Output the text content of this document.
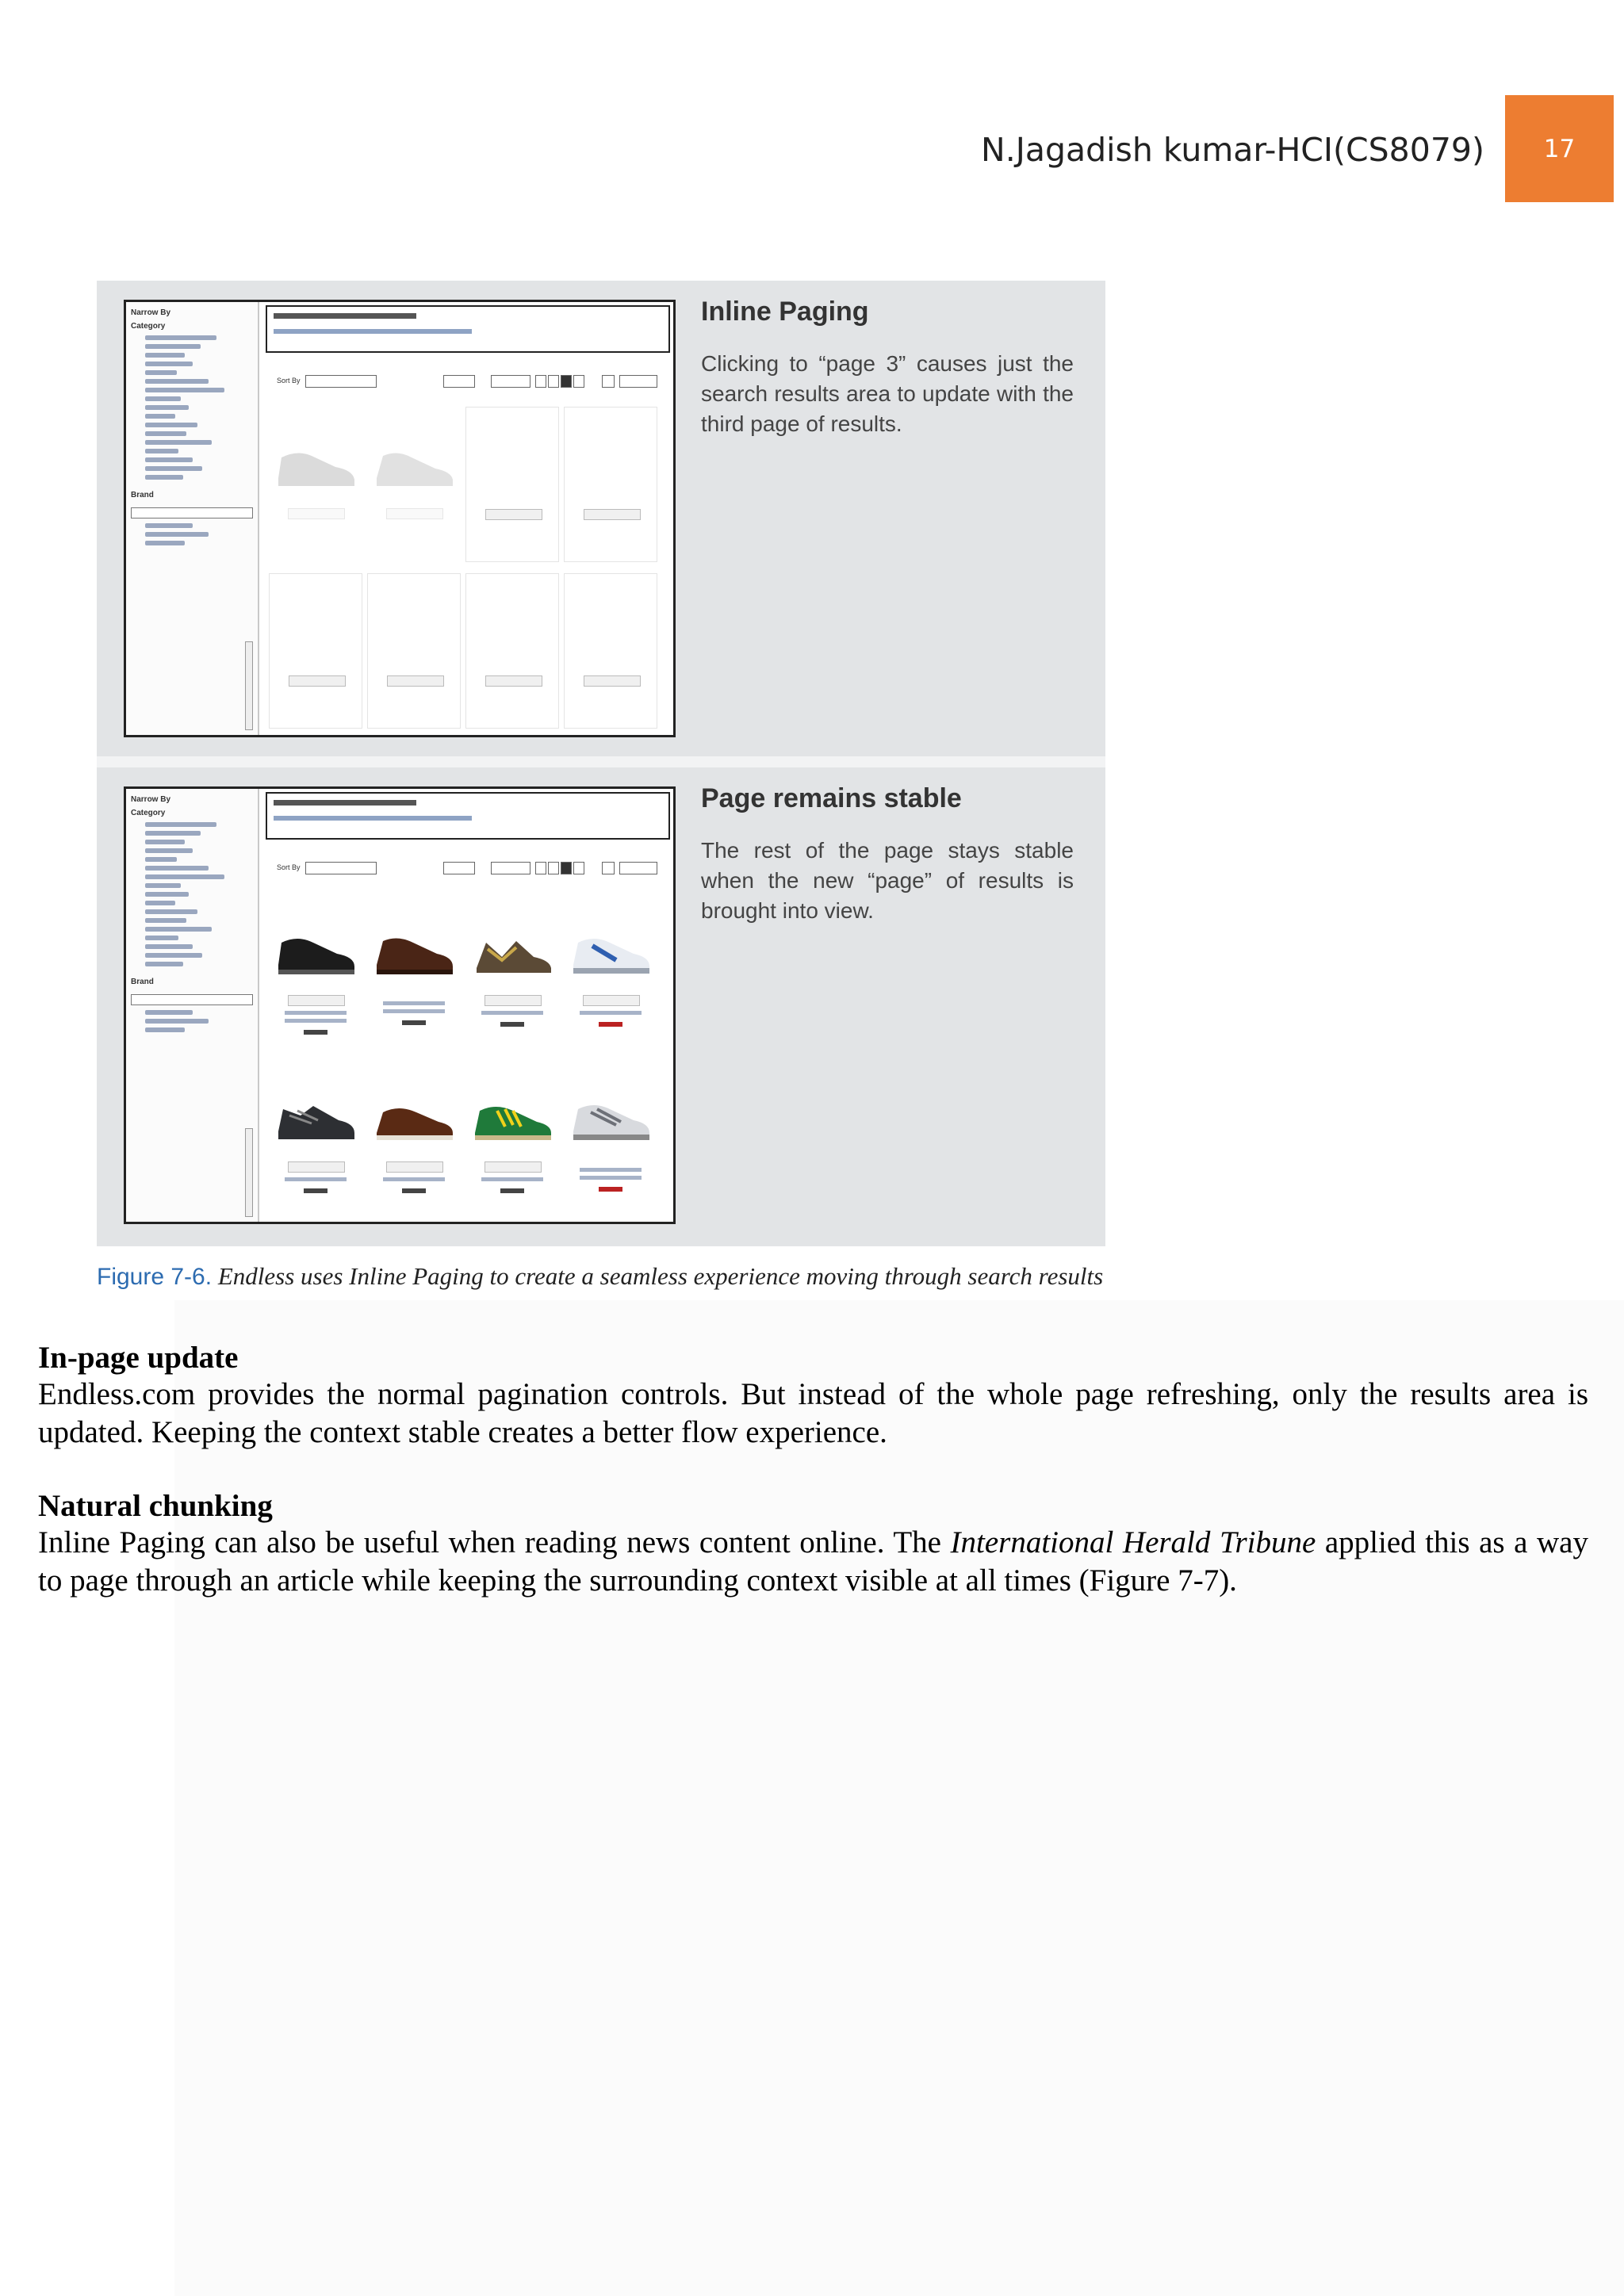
N.Jagadish kumar-HCI(CS8079)	17
Narrow By
Category
Brand
Sort By
Inline Paging
Clicking to “page 3” causes just the search results area to update with the third page of results.
Narrow By
Category
Brand
Sort By
Page remains stable
The rest of the page stays stable when the new “page” of results is brought into view.
Figure 7-6. Endless uses Inline Paging to create a seamless experience moving through search results
In-page update
Endless.com provides the normal pagination controls. But instead of the whole page refreshing, only the results area is updated. Keeping the context stable creates a better flow experience.
Natural chunking
Inline Paging can also be useful when reading news content online. The International Herald Tribune applied this as a way to page through an article while keeping the surrounding context visible at all times (Figure 7-7).
